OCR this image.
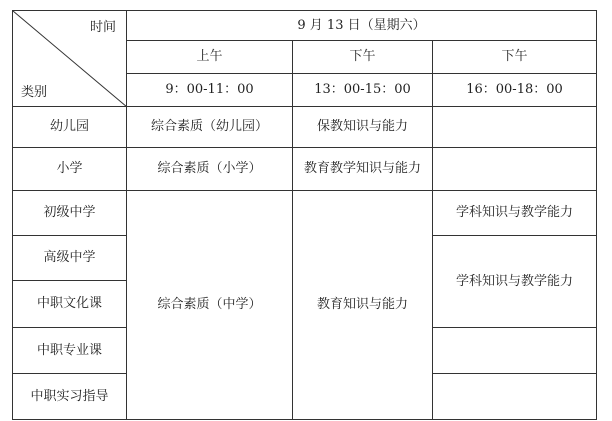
时间
类别	9 月 13 日（星期六）		
	上午	下午	下午
	9：00-11：00	13：00-15：00	16：00-18：00
幼儿园	综合素质（幼儿园）	保教知识与能力	
小学	综合素质（小学）	教育教学知识与能力	
初级中学	综合素质（中学）	教育知识与能力	学科知识与教学能力
高级中学			学科知识与教学能力
中职文化课			
中职专业课			
中职实习指导			
